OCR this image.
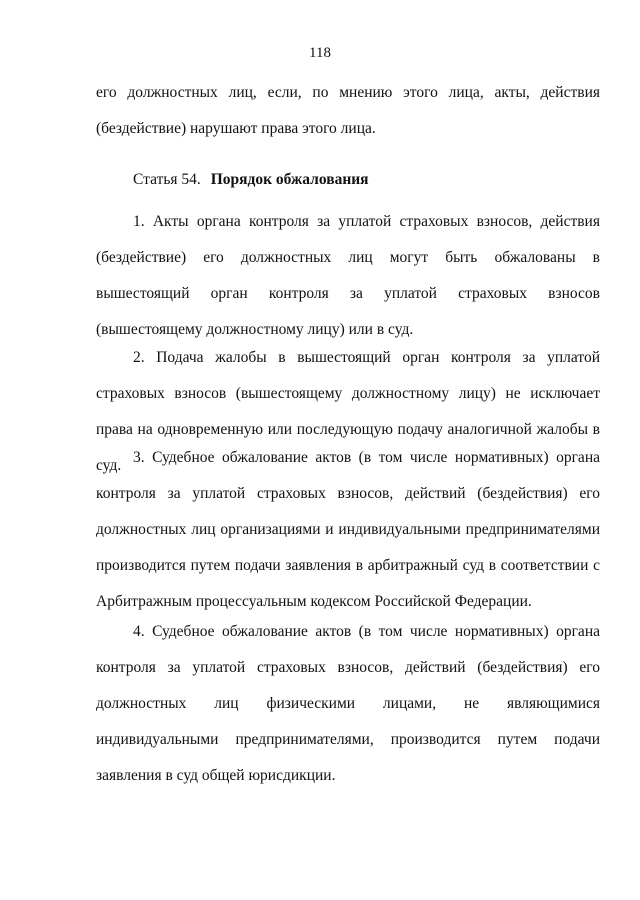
118

его должностных лиц, если, по мнению этого лица, акты, действия (бездействие) нарушают права этого лица.

Статья 54. Порядок обжалования

1. Акты органа контроля за уплатой страховых взносов, действия (бездействие) его должностных лиц могут быть обжалованы в вышестоящий орган контроля за уплатой страховых взносов (вышестоящему должностному лицу) или в суд.

2. Подача жалобы в вышестоящий орган контроля за уплатой страховых взносов (вышестоящему должностному лицу) не исключает права на одновременную или последующую подачу аналогичной жалобы в суд. 3. Судебное обжалование актов (в том числе нормативных) органа контроля за уплатой страховых взносов, действий (бездействия) его должностных лиц организациями и индивидуальными предпринимателями производится путем подачи заявления в арбитражный суд в соответствии с Арбитражным процессуальным кодексом Российской Федерации.

4. Судебное обжалование актов (в том числе нормативных) органа контроля за уплатой страховых взносов, действий (бездействия) его должностных лиц физическими лицами, не являющимися индивидуальными предпринимателями, производится путем подачи заявления в суд общей юрисдикции.
